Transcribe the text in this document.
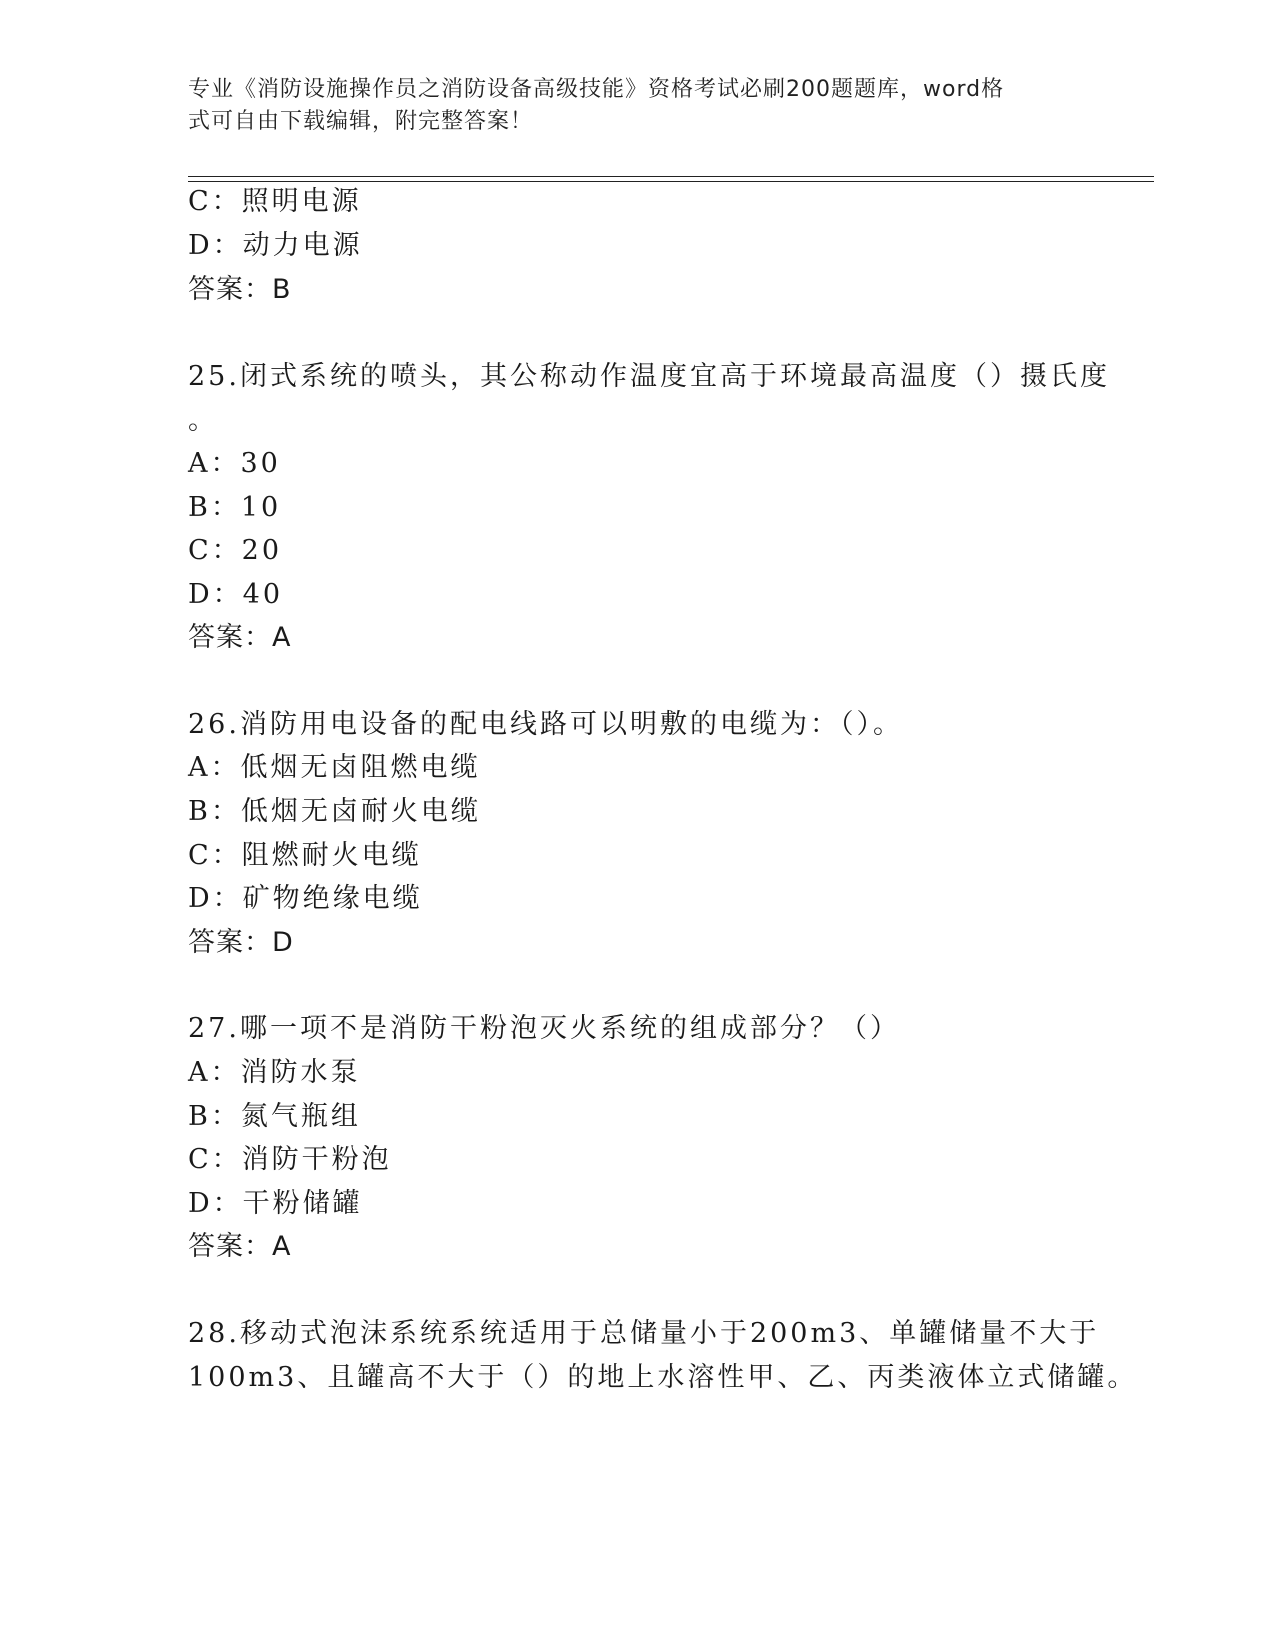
专业《消防设施操作员之消防设备高级技能》资格考试必刷200题题库，word格
式可自由下载编辑，附完整答案！
C：照明电源
D：动力电源
答案：B
25.闭式系统的喷头，其公称动作温度宜高于环境最高温度（）摄氏度
。
A：30
B：10
C：20
D：40
答案：A
26.消防用电设备的配电线路可以明敷的电缆为：（）。
A：低烟无卤阻燃电缆
B：低烟无卤耐火电缆
C：阻燃耐火电缆
D：矿物绝缘电缆
答案：D
27.哪一项不是消防干粉泡灭火系统的组成部分？（）
A：消防水泵
B：氮气瓶组
C：消防干粉泡
D：干粉储罐
答案：A
28.移动式泡沫系统系统适用于总储量小于200m3、单罐储量不大于
100m3、且罐高不大于（）的地上水溶性甲、乙、丙类液体立式储罐。
